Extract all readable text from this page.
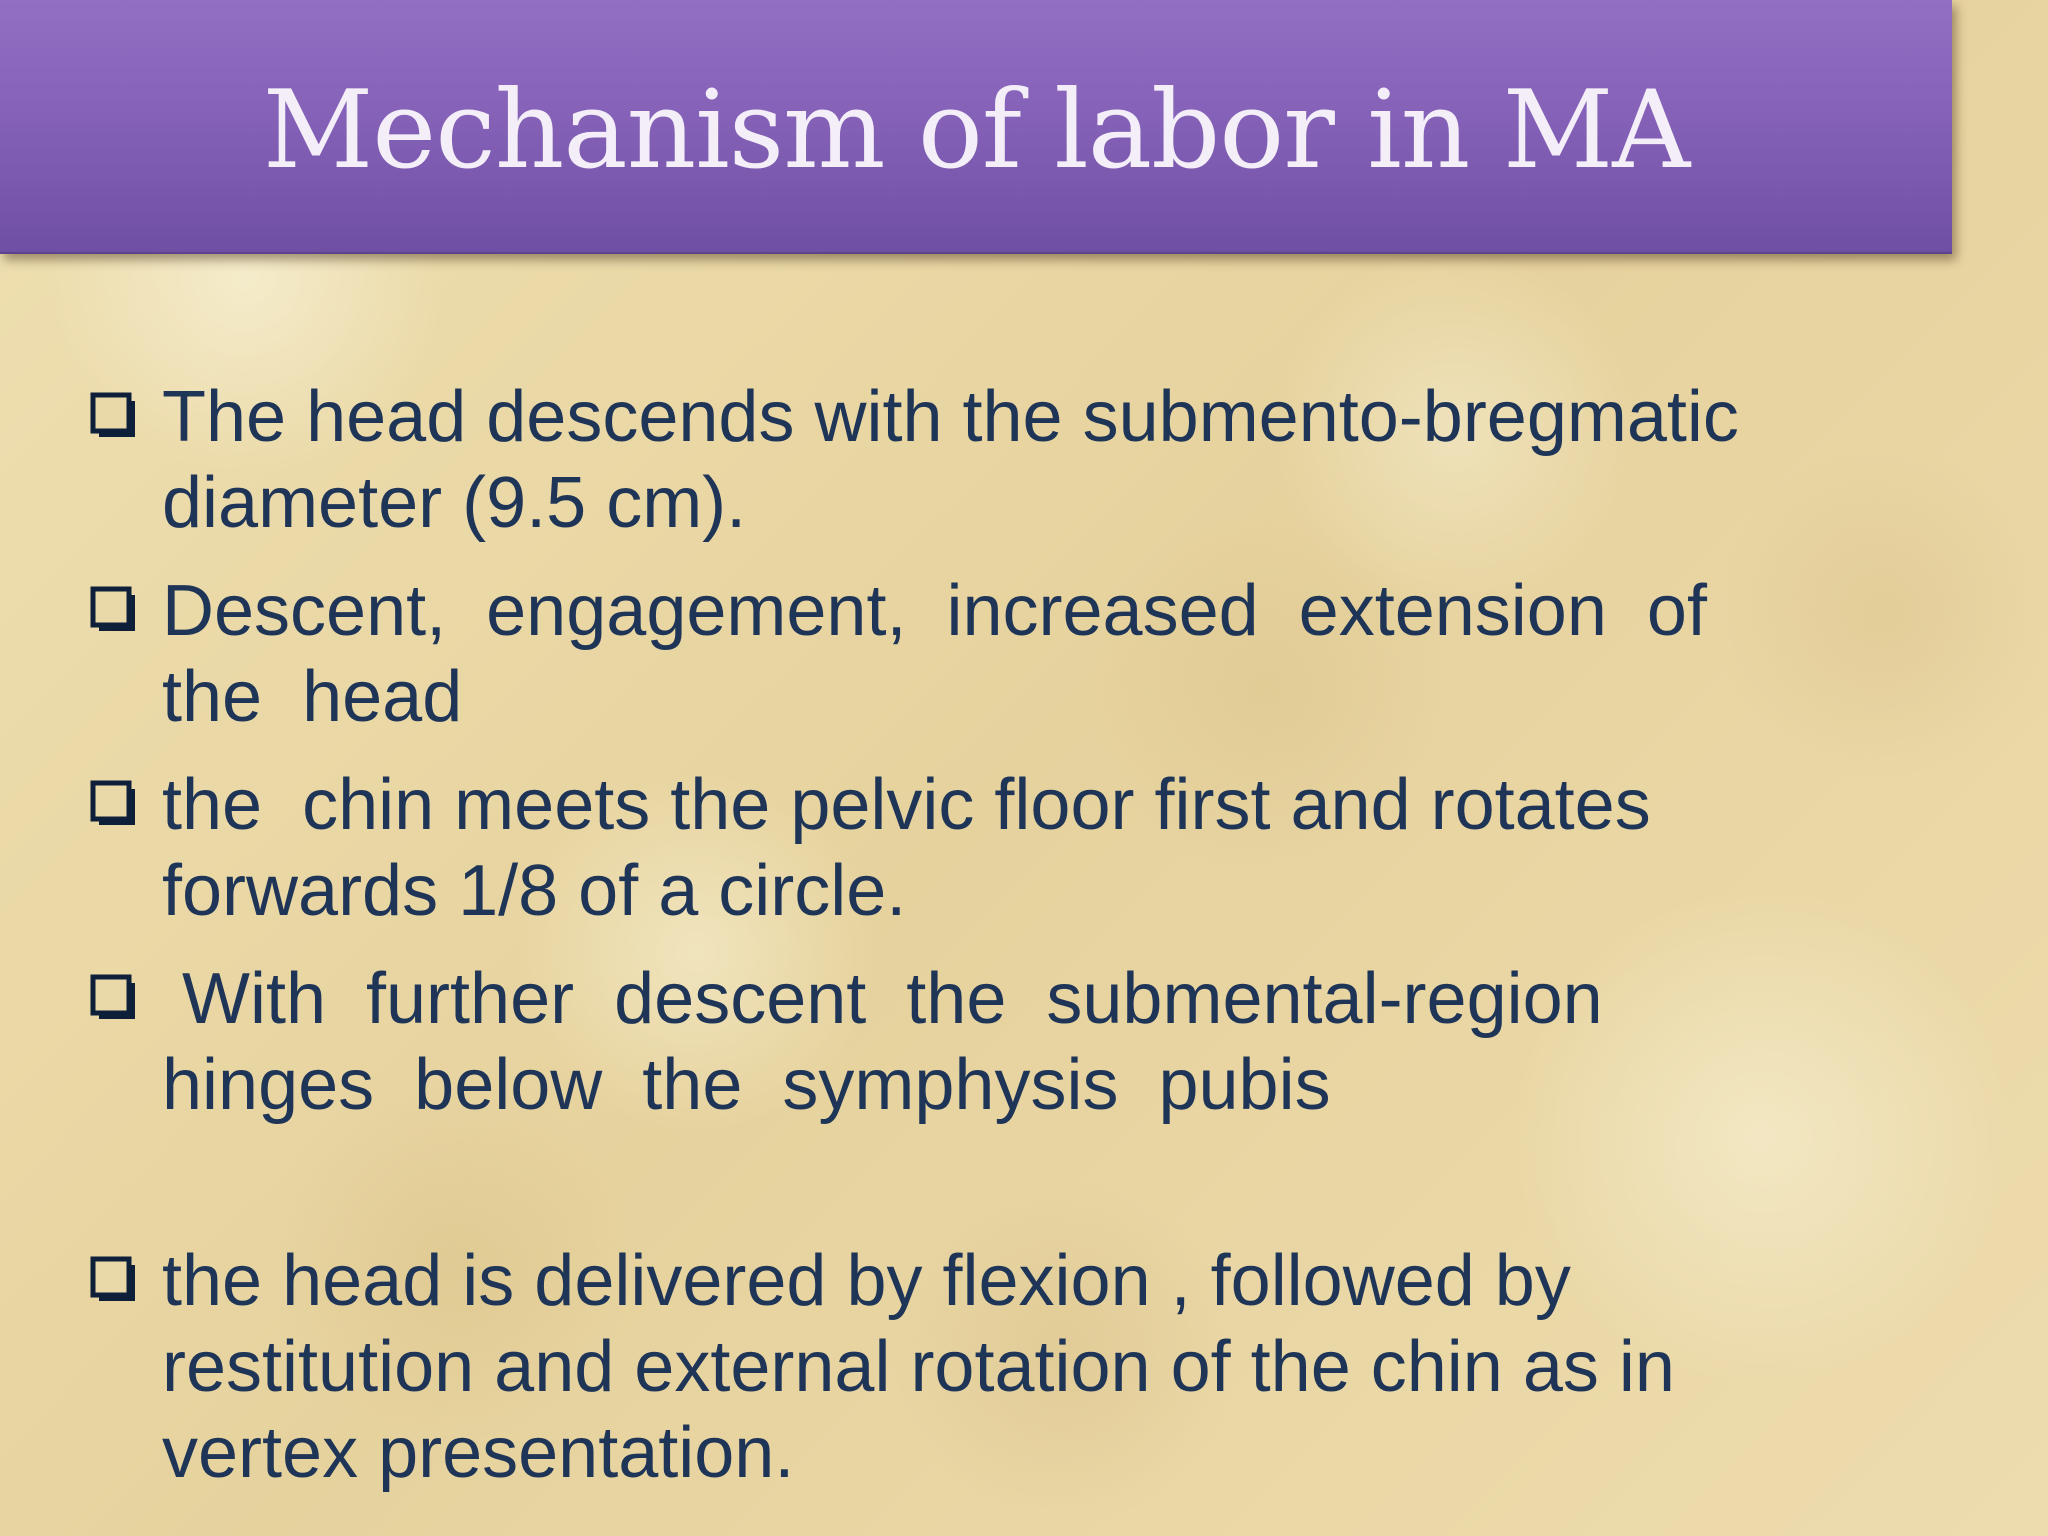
Mechanism of labor in MA
The head descends with the submento-bregmatic
diameter (9.5 cm).
Descent,  engagement,  increased  extension  of
the  head
the  chin meets the pelvic floor first and rotates
forwards 1/8 of a circle.
With  further  descent  the  submental-region
hinges  below  the  symphysis  pubis
the head is delivered by flexion , followed by
restitution and external rotation of the chin as in
vertex presentation.
